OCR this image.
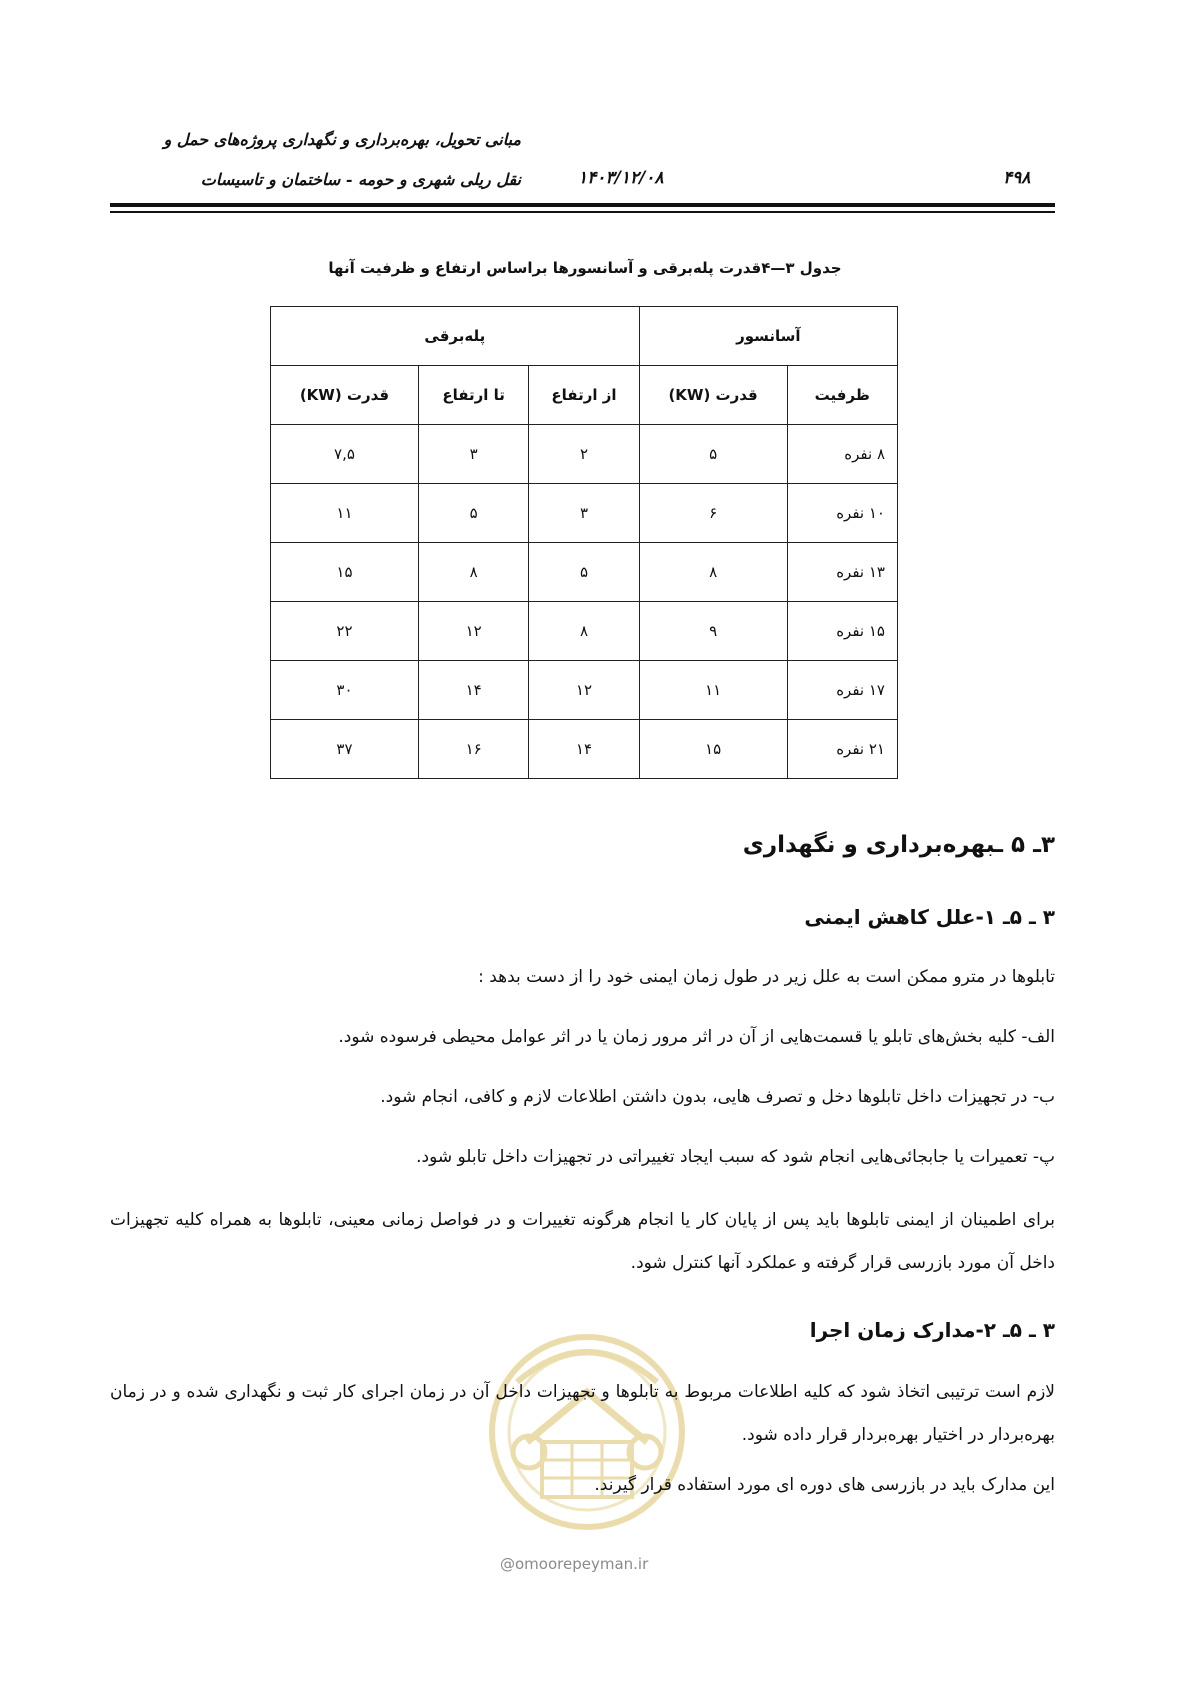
مبانی تحویل، بهره‌برداری و نگهداری پروژه‌های حمل و
نقل ریلی شهری و حومه - ساختمان و تاسیسات	۱۴۰۳/۱۲/۰۸	۴۹۸
جدول ۳—۴قدرت پله‌برقی و آسانسورها براساس ارتفاع و ظرفیت آنها
آسانسور		پله‌برقی		
ظرفیت	قدرت (KW)	از ارتفاع	تا ارتفاع	قدرت (KW)
۸ نفره	۵	۲	۳	۷,۵
۱۰ نفره	۶	۳	۵	۱۱
۱۳ نفره	۸	۵	۸	۱۵
۱۵ نفره	۹	۸	۱۲	۲۲
۱۷ نفره	۱۱	۱۲	۱۴	۳۰
۲۱ نفره	۱۵	۱۴	۱۶	۳۷
۳ـ ۵ ـبهره‌برداری و نگهداری
۳ ـ ۵ـ ۱-علل کاهش ایمنی
تابلوها در مترو ممکن است به علل زیر در طول زمان ایمنی خود را از دست بدهد :
الف- کلیه بخش‌های تابلو یا قسمت‌هایی از آن در اثر مرور زمان یا در اثر عوامل محیطی فرسوده شود.
ب- در تجهیزات داخل تابلوها دخل و تصرف هایی، بدون داشتن اطلاعات لازم و کافی، انجام شود.
پ- تعمیرات یا جابجائی‌هایی انجام شود که سبب ایجاد تغییراتی در تجهیزات داخل تابلو شود.
برای اطمینان از ایمنی تابلوها باید پس از پایان کار یا انجام هرگونه تغییرات و در فواصل زمانی معینی، تابلوها به همراه کلیه تجهیزات داخل آن مورد بازرسی قرار گرفته و عملکرد آنها کنترل شود.
۳ ـ ۵ـ ۲-مدارک زمان اجرا
لازم است ترتیبی اتخاذ شود که کلیه اطلاعات مربوط به تابلوها و تجهیزات داخل آن در زمان اجرای کار ثبت و نگهداری شده و در زمان بهره‌بردار در اختیار بهره‌بردار قرار داده شود.
این مدارک باید در بازرسی های دوره ای مورد استفاده قرار گیرند.
@omoorepeyman.ir
